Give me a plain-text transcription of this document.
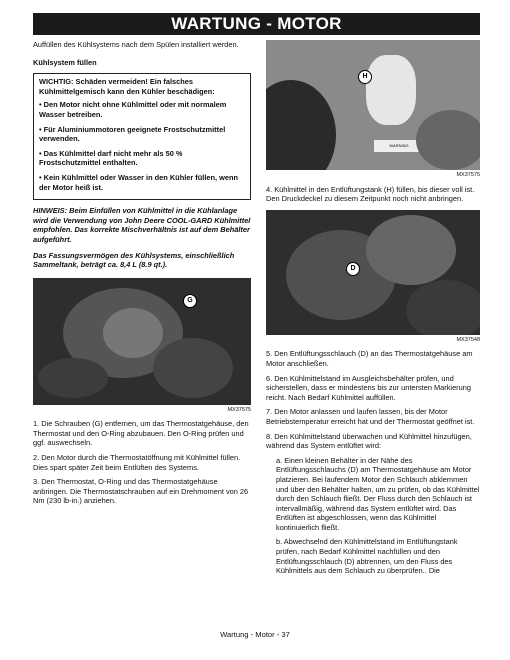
WARTUNG - MOTOR

Auffüllen des Kühlsystems nach dem Spülen installiert werden.

Kühlsystem füllen
WICHTIG: Schäden vermeiden! Ein falsches Kühlmittelgemisch kann den Kühler beschädigen:
• Den Motor nicht ohne Kühlmittel oder mit normalem Wasser betreiben.
• Für Aluminiummotoren geeignete Frostschutzmittel verwenden.
• Das Kühlmittel darf nicht mehr als 50 % Frostschutzmittel enthalten.
• Kein Kühlmittel oder Wasser in den Kühler füllen, wenn der Motor heiß ist.
HINWEIS: Beim Einfüllen von Kühlmittel in die Kühlanlage wird die Verwendung von John Deere COOL-GARD Kühlmittel empfohlen. Das korrekte Mischverhältnis ist auf dem Behälter aufgeführt.
Das Fassungsvermögen des Kühlsystems, einschließlich Sammeltank, beträgt ca. 8,4 L (8.9 qt.).
G
MX37575

1. Die Schrauben (G) entfernen, um das Thermostatgehäuse, den Thermostat und den O-Ring abzubauen. Den O-Ring prüfen und ggf. auswechseln.

2. Den Motor durch die Thermostatöffnung mit Kühlmittel füllen. Dies spart später Zeit beim Entlüften des Systems.

3. Den Thermostat, O-Ring und das Thermostatgehäuse anbringen. Die Thermostatschrauben auf ein Drehmoment von 26 Nm (230 lb-in.) anziehen.

WARNING
H
MX37575

4. Kühlmittel in den Entlüftungstank (H) füllen, bis dieser voll ist. Den Druckdeckel zu diesem Zeitpunkt noch nicht anbringen.

D
MX37548

5. Den Entlüftungsschlauch (D) an das Thermostatgehäuse am Motor anschließen.

6. Den Kühlmittelstand im Ausgleichsbehälter prüfen, und sicherstellen, dass er mindestens bis zur untersten Markierung reicht. Nach Bedarf Kühlmittel auffüllen.

7. Den Motor anlassen und laufen lassen, bis der Motor Betriebstemperatur erreicht hat und der Thermostat geöffnet ist.

8. Den Kühlmittelstand überwachen und Kühlmittel hinzufügen, während das System entlüftet wird:

a. Einen kleinen Behälter in der Nähe des Entlüftungsschlauchs (D) am Thermostatgehäuse am Motor platzieren. Bei laufendem Motor den Schlauch abklemmen und über den Behälter halten, um zu prüfen, ob das Kühlmittel durch den Schlauch fließt. Der Fluss durch den Schlauch ist intervallmäßig, während das System entlüftet wird. Das Entlüften ist abgeschlossen, wenn das Kühlmittel kontinuierlich fließt.

b. Abwechselnd den Kühlmittelstand im Entlüftungstank prüfen, nach Bedarf Kühlmittel nachfüllen und den Entlüftungsschlauch (D) abtrennen, um den Fluss des Kühlmittels aus dem Schlauch zu überprüfen.. Die

Wartung - Motor - 37
